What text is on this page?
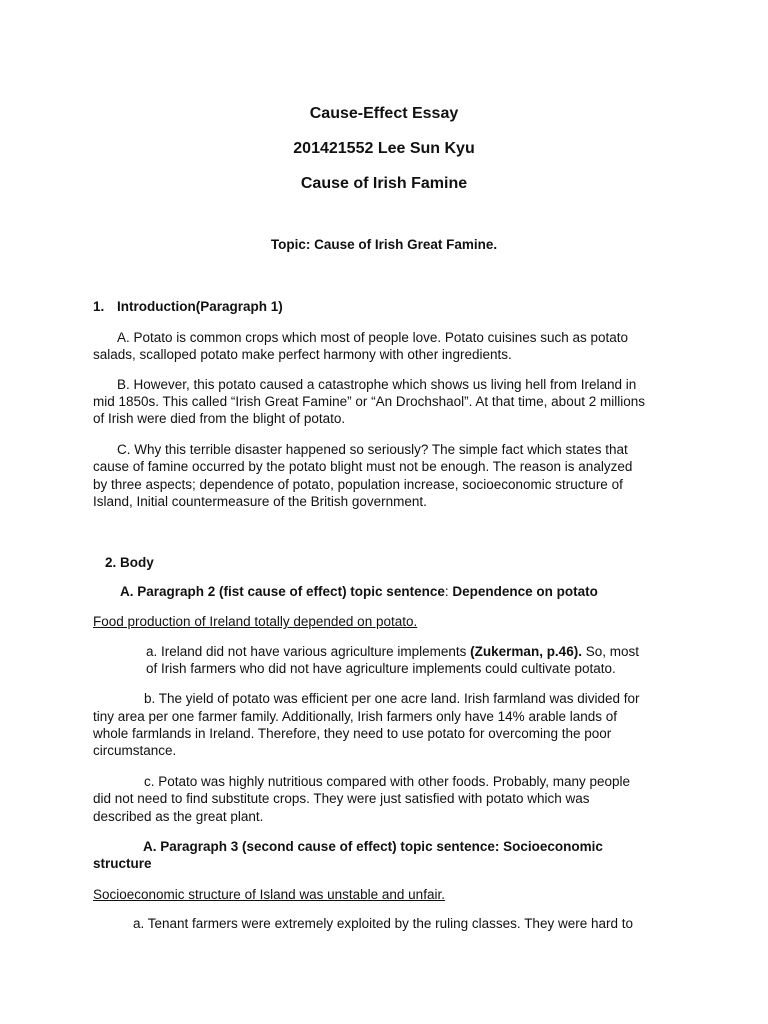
Cause-Effect Essay
201421552 Lee Sun Kyu
Cause of Irish Famine
Topic: Cause of Irish Great Famine.
1. Introduction(Paragraph 1)
A. Potato is common crops which most of people love. Potato cuisines such as potato
salads, scalloped potato make perfect harmony with other ingredients.
B. However, this potato caused a catastrophe which shows us living hell from Ireland in
mid 1850s. This called “Irish Great Famine” or “An Drochshaol”. At that time, about 2 millions
of Irish were died from the blight of potato.
C. Why this terrible disaster happened so seriously? The simple fact which states that
cause of famine occurred by the potato blight must not be enough. The reason is analyzed
by three aspects; dependence of potato, population increase, socioeconomic structure of
Island, Initial countermeasure of the British government.
2. Body
A. Paragraph 2 (fist cause of effect) topic sentence: Dependence on potato
Food production of Ireland totally depended on potato.
a. Ireland did not have various agriculture implements (Zukerman, p.46). So, most
of Irish farmers who did not have agriculture implements could cultivate potato.
b. The yield of potato was efficient per one acre land. Irish farmland was divided for
tiny area per one farmer family. Additionally, Irish farmers only have 14% arable lands of
whole farmlands in Ireland. Therefore, they need to use potato for overcoming the poor
circumstance.
c. Potato was highly nutritious compared with other foods. Probably, many people
did not need to find substitute crops. They were just satisfied with potato which was
described as the great plant.
A. Paragraph 3 (second cause of effect) topic sentence: Socioeconomic
structure
Socioeconomic structure of Island was unstable and unfair.
a. Tenant farmers were extremely exploited by the ruling classes. They were hard to
